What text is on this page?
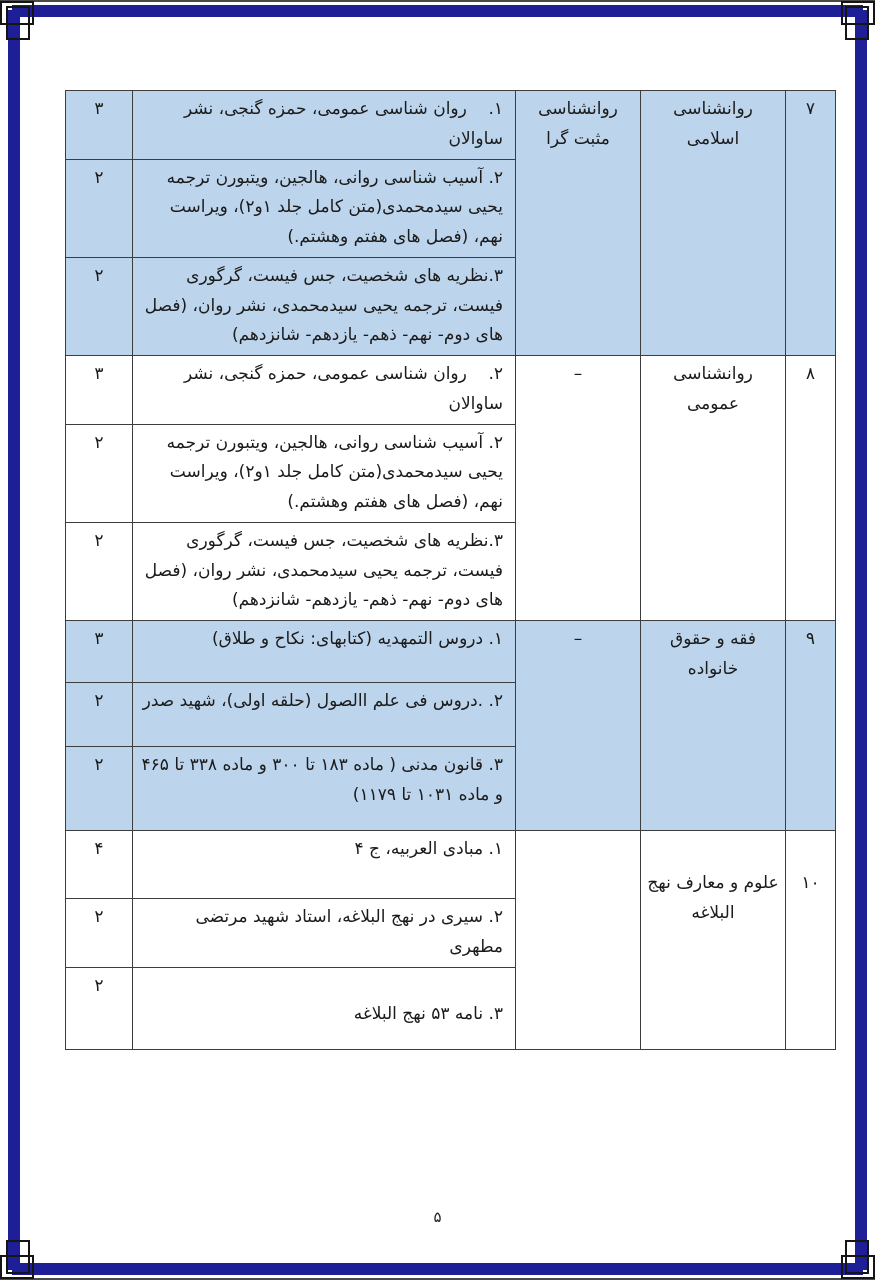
۷	روانشناسی اسلامی	روانشناسی مثبت گرا	۱.    روان شناسی عمومی، حمزه گنجی، نشر ساوالان	۳
			۲. آسیب شناسی روانی، هالجین، ویتبورن ترجمه یحیی سیدمحمدی(متن کامل جلد ۱و۲)، ویراست نهم، (فصل های هفتم وهشتم.)	۲
			۳.نظریه های شخصیت، جس فیست، گرگوری فیست، ترجمه یحیی سیدمحمدی، نشر روان، (فصل های دوم- نهم- ذهم- یازدهم- شانزدهم)	۲
۸	روانشناسی عمومی	–	۲.    روان شناسی عمومی، حمزه گنجی، نشر ساوالان	۳
			۲. آسیب شناسی روانی، هالجین، ویتبورن ترجمه یحیی سیدمحمدی(متن کامل جلد ۱و۲)، ویراست نهم، (فصل های هفتم وهشتم.)	۲
			۳.نظریه های شخصیت، جس فیست، گرگوری فیست، ترجمه یحیی سیدمحمدی، نشر روان، (فصل های دوم- نهم- ذهم- یازدهم- شانزدهم)	۲
۹	فقه و حقوق خانواده	–	۱. دروس التمهدیه (کتابهای: نکاح و طلاق)	۳
			۲. .دروس فی علم االصول (حلقه اولی)، شهید صدر	۲
			۳. قانون مدنی ( ماده ۱۸۳ تا ۳۰۰ و ماده ۳۳۸ تا ۴۶۵ و ماده ۱۰۳۱ تا ۱۱۷۹)	۲
۱۰	علوم و معارف نهج البلاغه		۱. مبادی العربیه، ج ۴	۴
			۲. سیری در نهج البلاغه، استاد شهید مرتضی مطهری	۲
			۳. نامه ۵۳ نهج البلاغه	۲
۵
